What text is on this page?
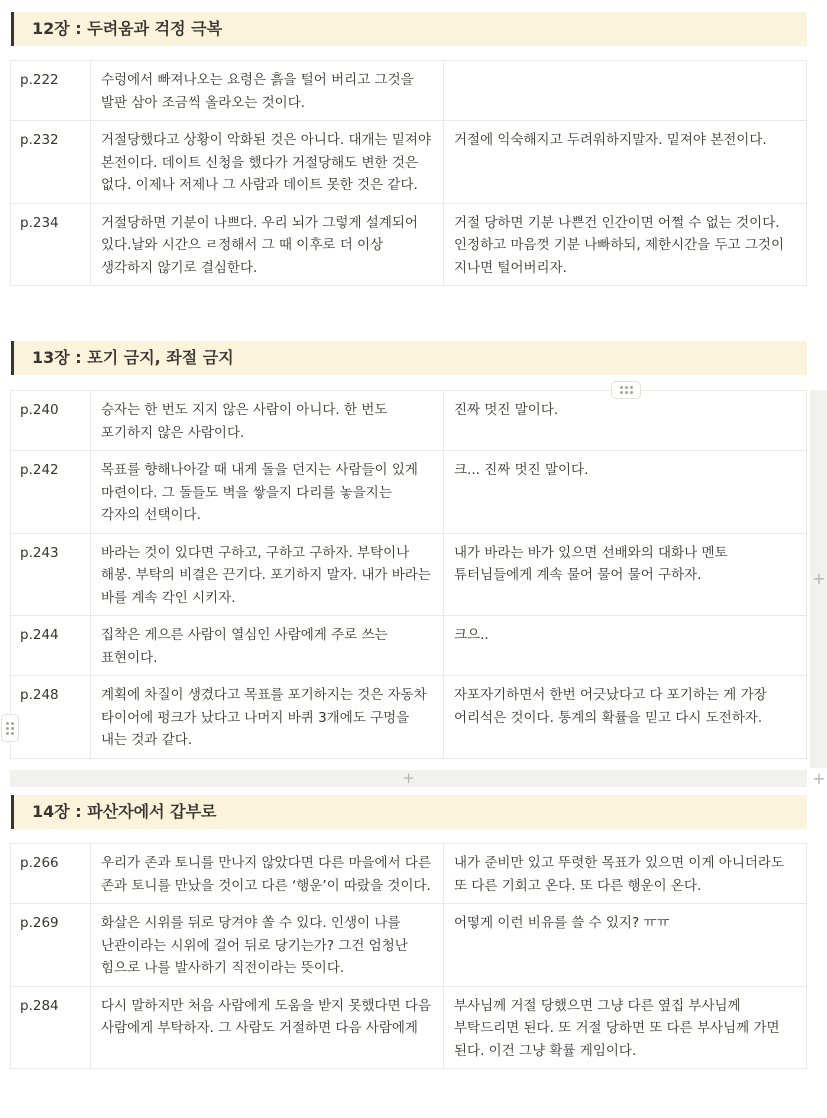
12장 : 두려움과 걱정 극복
p.222	수렁에서 빠져나오는 요령은 흙을 털어 버리고 그것을 발판 삼아 조금씩 올라오는 것이다.	
p.232	거절당했다고 상황이 악화된 것은 아니다. 대개는 밑져야 본전이다. 데이트 신청을 했다가 거절당해도 변한 것은 없다. 이제나 저제나 그 사람과 데이트 못한 것은 같다.	거절에 익숙해지고 두려워하지말자. 밑져야 본전이다.
p.234	거절당하면 기분이 나쁘다. 우리 뇌가 그렇게 설계되어 있다.날와 시간으 ㄹ정해서 그 때 이후로 더 이상 생각하지 않기로 결심한다.	거절 당하면 기분 나쁜건 인간이면 어쩔 수 없는 것이다. 인정하고 마음껏 기분 나빠하되, 제한시간을 두고 그것이 지나면 털어버리자.
13장 : 포기 금지, 좌절 금지
p.240	승자는 한 번도 지지 않은 사람이 아니다. 한 번도 포기하지 않은 사람이다.	진짜 멋진 말이다.
p.242	목표를 향해나아갈 때 내게 돌을 던지는 사람들이 있게 마련이다. 그 돌들도 벽을 쌓을지 다리를 놓을지는 각자의 선택이다.	크... 진짜 멋진 말이다.
p.243	바라는 것이 있다면 구하고, 구하고 구하자. 부탁이나 해봉. 부탁의 비결은 끈기다. 포기하지 말자. 내가 바라는 바를 계속 각인 시키자.	내가 바라는 바가 있으면 선배와의 대화나 멘토 튜터님들에게 계속 물어 물어 물어 구하자.
p.244	집착은 게으른 사람이 열심인 사람에게 주로 쓰는 표현이다.	크으..
p.248	계획에 차질이 생겼다고 목표를 포기하지는 것은 자동차 타이어에 펑크가 났다고 나머지 바퀴 3개에도 구멍을 내는 것과 같다.	자포자기하면서 한번 어긋났다고 다 포기하는 게 가장 어리석은 것이다. 통계의 확률을 믿고 다시 도전하자.
+
+
+
14장 : 파산자에서 갑부로
p.266	우리가 존과 토니를 만나지 않았다면 다른 마을에서 다른 존과 토니를 만났을 것이고 다른 ‘행운’이 따랐을 것이다.	내가 준비만 있고 뚜렷한 목표가 있으면 이게 아니더라도 또 다른 기회고 온다. 또 다른 행운이 온다.
p.269	화살은 시위를 뒤로 당겨야 쏠 수 있다. 인생이 나를 난관이라는 시위에 걸어 뒤로 당기는가? 그건 엄청난 힘으로 나를 발사하기 직전이라는 뜻이다.	어떻게 이런 비유를 쓸 수 있지? ㅠㅠ
p.284	다시 말하지만 처음 사람에게 도움을 받지 못했다면 다음 사람에게 부탁하자. 그 사람도 거절하면 다음 사람에게	부사님께 거절 당했으면 그냥 다른 옆집 부사님께 부탁드리면 된다. 또 거절 당하면 또 다른 부사님께 가면 된다. 이건 그냥 확률 게임이다.
